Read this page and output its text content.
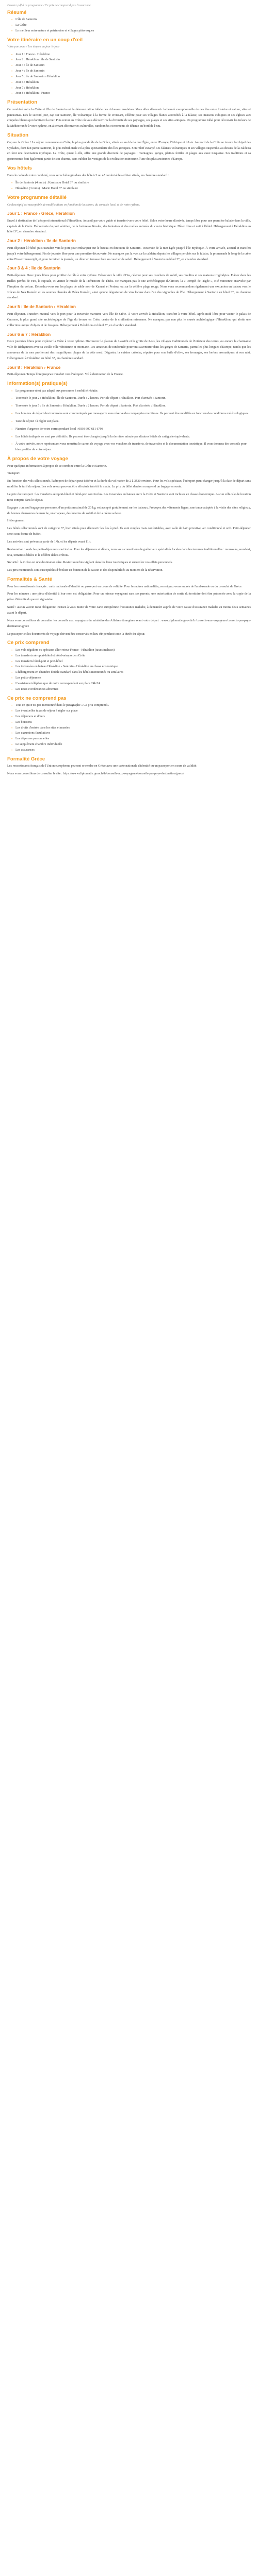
Dossier pdf à ce programme / Ce prix ce comprend pas l'assurance

Résumé
• L'île de Santorin
• La Crète
• Le meilleur entre nature et patrimoine et villages pittoresques
Votre itinéraire en un coup d'œil

Votre parcours / Les étapes au jour le jour

• Jour 1 : France › Héraklion
• Jour 2 : Héraklion › île de Santorin
• Jour 3 : île de Santorin
• Jour 4 : île de Santorin
• Jour 5 : île de Santorin › Héraklion
• Jour 6 : Héraklion
• Jour 7 : Héraklion
• Jour 8 : Héraklion › France
Présentation

Ce combiné entre la Crète et l'île de Santorin est la démonstration idéale des richesses insulaires. Vous allez découvrir la beauté exceptionnelle de ces îles entre histoire et nature, sites et panoramas. Dès le second jour, cap sur Santorin, île volcanique à la forme de croissant, célèbre pour ses villages blancs accrochés à la falaise, ses maisons cubiques et ses églises aux coupoles bleues qui dominent la mer. Puis retour en Crète où vous découvrirez la diversité de ses paysages, ses plages et ses sites antiques. Un programme idéal pour découvrir les trésors de la Méditerranée à votre rythme, en alternant découvertes culturelles, randonnées et moments de détente au bord de l'eau.

Situation

Cap sur la Grèce ! Le séjour commence en Crète, la plus grande île de la Grèce, située au sud de la mer Égée, entre l'Europe, l'Afrique et l'Asie. Au nord de la Crète se trouve l'archipel des Cyclades, dont fait partie Santorin, la plus méridionale et la plus spectaculaire des îles grecques. Son relief escarpé, ses falaises volcaniques et ses villages suspendus au-dessus de la caldeira en font une destination mythique. La Crète, quant à elle, offre une grande diversité de paysages : montagnes, gorges, plaines fertiles et plages aux eaux turquoise. Ses traditions et sa gastronomie font également partie de son charme, sans oublier les vestiges de la civilisation minoenne, l'une des plus anciennes d'Europe.

Vos hôtels

Dans le cadre de votre combiné, vous serez hébergés dans des hôtels 3 ou 4* confortables et bien situés, en chambre standard :

• Île de Santorin (4 nuits) : Kamissou Hotel 3* ou similaire
• Héraklion (3 nuits) : Marin Hotel 3* ou similaire
Votre programme détaillé

Ce descriptif est susceptible de modifications en fonction de la saison, du contexte local et de votre rythme.

Jour 1 : France › Grèce, Héraklion

Envol à destination de l'aéroport international d'Héraklion. Accueil par votre guide et transfert vers votre hôtel. Selon votre heure d'arrivée, temps libre pour une première balade dans la ville, capitale de la Crète. Découverte du port vénitien, de la forteresse Koules, des fontaines et des ruelles animées du centre historique. Dîner libre et nuit à l'hôtel. Hébergement à Héraklion en hôtel 3*, en chambre standard.

Jour 2 : Héraklion › île de Santorin

Petit-déjeuner à l'hôtel puis transfert vers le port pour embarquer sur le bateau en direction de Santorin. Traversée de la mer Égée jusqu'à l'île mythique. À votre arrivée, accueil et transfert jusqu'à votre hébergement. Fin de journée libre pour une première découverte. Ne manquez pas la vue sur la caldeira depuis les villages perchés sur la falaise, la promenade le long de la crête entre Fira et Imerovigli, et, pour terminer la journée, un dîner en terrasse face au coucher de soleil. Hébergement à Santorin en hôtel 3*, en chambre standard.

Jour 3 & 4 : île de Santorin

Petit-déjeuner. Deux jours libres pour profiter de l'île à votre rythme. Découvrez la ville d'Oia, célèbre pour ses couchers de soleil, ses moulins et ses maisons troglodytes. Flânez dans les ruelles pavées de Fira, la capitale, et visitez le musée de la Préhistoire de Théra. Ne manquez pas le site archéologique d'Akrotiri, la « Pompéi de l'Égée », cité minoenne ensevelie par l'éruption du volcan. Détendez-vous sur les plages de sable noir de Kamari et Perissa, ou sur la célèbre plage rouge. Nous vous recommandons également une excursion en bateau vers le volcan de Néa Kaméni et les sources chaudes de Palea Kaméni, ainsi qu'une dégustation de vins locaux dans l'un des vignobles de l'île. Hébergement à Santorin en hôtel 3*, en chambre standard.

Jour 5 : île de Santorin › Héraklion

Petit-déjeuner. Transfert matinal vers le port pour la traversée maritime vers l'île de Crète. À votre arrivée à Héraklion, transfert à votre hôtel. Après-midi libre pour visiter le palais de Cnossos, le plus grand site archéologique de l'âge du bronze en Crète, centre de la civilisation minoenne. Ne manquez pas non plus le musée archéologique d'Héraklion, qui abrite une collection unique d'objets et de fresques. Hébergement à Héraklion en hôtel 3*, en chambre standard.

Jour 6 & 7 : Héraklion

Deux journées libres pour explorer la Crète à votre rythme. Découvrez le plateau du Lassithi et la grotte de Zeus, les villages traditionnels de l'intérieur des terres, ou encore la charmante ville de Réthymnon avec sa vieille ville vénitienne et ottomane. Les amateurs de randonnée pourront s'aventurer dans les gorges de Samaria, parmi les plus longues d'Europe, tandis que les amoureux de la mer profiteront des magnifiques plages de la côte nord. Dégustez la cuisine crétoise, réputée pour son huile d'olive, ses fromages, ses herbes aromatiques et son raki. Hébergement à Héraklion en hôtel 3*, en chambre standard.

Jour 8 : Héraklion › France

Petit-déjeuner. Temps libre jusqu'au transfert vers l'aéroport. Vol à destination de la France.

Information(s) pratique(s)
• Le programme n'est pas adapté aux personnes à mobilité réduite.
• Traversée le jour 2 : Héraklion › île de Santorin. Durée : 2 heures. Port de départ : Héraklion. Port d'arrivée : Santorin.
• Traversée le jour 5 : île de Santorin › Héraklion. Durée : 2 heures. Port de départ : Santorin. Port d'arrivée : Héraklion.
• Les horaires de départ des traversées sont communiqués par messagerie sous réserve des compagnies maritimes. Ils peuvent être modifiés en fonction des conditions météorologiques.
• Taxe de séjour : à régler sur place.
• Numéro d'urgence de votre correspondant local : 0030 697 611 6798
• Les hôtels indiqués ne sont pas définitifs. Ils peuvent être changés jusqu'à la dernière minute par d'autres hôtels de catégorie équivalente.
• À votre arrivée, notre représentant vous remettra le carnet de voyage avec vos vouchers de transferts, de traversées et la documentation touristique. Il vous donnera des conseils pour bien profiter de votre séjour.
À propos de votre voyage

Pour quelques informations à propos de ce combiné entre la Crète et Santorin.

Transport

En fonction des vols sélectionnés, l'aéroport de départ peut différer et la durée du vol varier de 2 à 3h30 environ. Pour les vols spéciaux, l'aéroport peut changer jusqu'à la date de départ sans modifier le tarif du séjour. Les vols retour peuvent être effectués très tôt le matin. Le prix du billet d'avion comprend un bagage en soute.

Le prix du transport : les transferts aéroport-hôtel et hôtel-port sont inclus. Les traversées en bateau entre la Crète et Santorin sont incluses en classe économique. Aucun véhicule de location n'est compris dans le séjour.

Bagages : un seul bagage par personne, d'un poids maximal de 20 kg, est accepté gratuitement sur les bateaux. Prévoyez des vêtements légers, une tenue adaptée à la visite des sites religieux, de bonnes chaussures de marche, un chapeau, des lunettes de soleil et de la crème solaire.

Hébergement

Les hôtels sélectionnés sont de catégorie 3*, bien situés pour découvrir les îles à pied. Ils sont simples mais confortables, avec salle de bain privative, air conditionné et wifi. Petit-déjeuner servi sous forme de buffet.

Les arrivées sont prévues à partir de 14h, et les départs avant 11h.

Restauration : seuls les petits-déjeuners sont inclus. Pour les déjeuners et dîners, nous vous conseillons de goûter aux spécialités locales dans les tavernes traditionnelles : moussaka, souvlaki, feta, tomates séchées et le célèbre dakos crétois.

Sécurité : la Grèce est une destination sûre. Restez toutefois vigilant dans les lieux touristiques et surveillez vos effets personnels.

Les prix mentionnés sont susceptibles d'évoluer en fonction de la saison et des disponibilités au moment de la réservation.

Formalités & Santé

Pour les ressortissants français : carte nationale d'identité ou passeport en cours de validité. Pour les autres nationalités, renseignez-vous auprès de l'ambassade ou du consulat de Grèce.

Pour les mineurs : une pièce d'identité à leur nom est obligatoire. Pour un mineur voyageant sans ses parents, une autorisation de sortie du territoire doit être présentée avec la copie de la pièce d'identité du parent signataire.

Santé : aucun vaccin n'est obligatoire. Pensez à vous munir de votre carte européenne d'assurance maladie, à demander auprès de votre caisse d'assurance maladie au moins deux semaines avant le départ.

Nous vous conseillons de consulter les conseils aux voyageurs du ministère des Affaires étrangères avant votre départ : www.diplomatie.gouv.fr/fr/conseils-aux-voyageurs/conseils-par-pays-destination/grece

Le passeport et les documents de voyage doivent être conservés en lieu sûr pendant toute la durée du séjour.

Ce prix comprend
• Les vols réguliers ou spéciaux aller-retour France - Héraklion (taxes incluses)
• Les transferts aéroport-hôtel et hôtel-aéroport en Crète
• Les transferts hôtel-port et port-hôtel
• Les traversées en bateau Héraklion - Santorin - Héraklion en classe économique
• L'hébergement en chambre double standard dans les hôtels mentionnés ou similaires
• Les petits-déjeuners
• L'assistance téléphonique de notre correspondant sur place 24h/24
• Les taxes et redevances aériennes
Ce prix ne comprend pas
• Tout ce qui n'est pas mentionné dans le paragraphe « Ce prix comprend »
• Les éventuelles taxes de séjour à régler sur place
• Les déjeuners et dîners
• Les boissons
• Les droits d'entrée dans les sites et musées
• Les excursions facultatives
• Les dépenses personnelles
• Le supplément chambre individuelle
• Les assurances
Formalité Grèce

Les ressortissants français de l'Union européenne peuvent se rendre en Grèce avec une carte nationale d'identité ou un passeport en cours de validité.

Nous vous conseillons de consulter le site : https://www.diplomatie.gouv.fr/fr/conseils-aux-voyageurs/conseils-par-pays-destination/grece/
